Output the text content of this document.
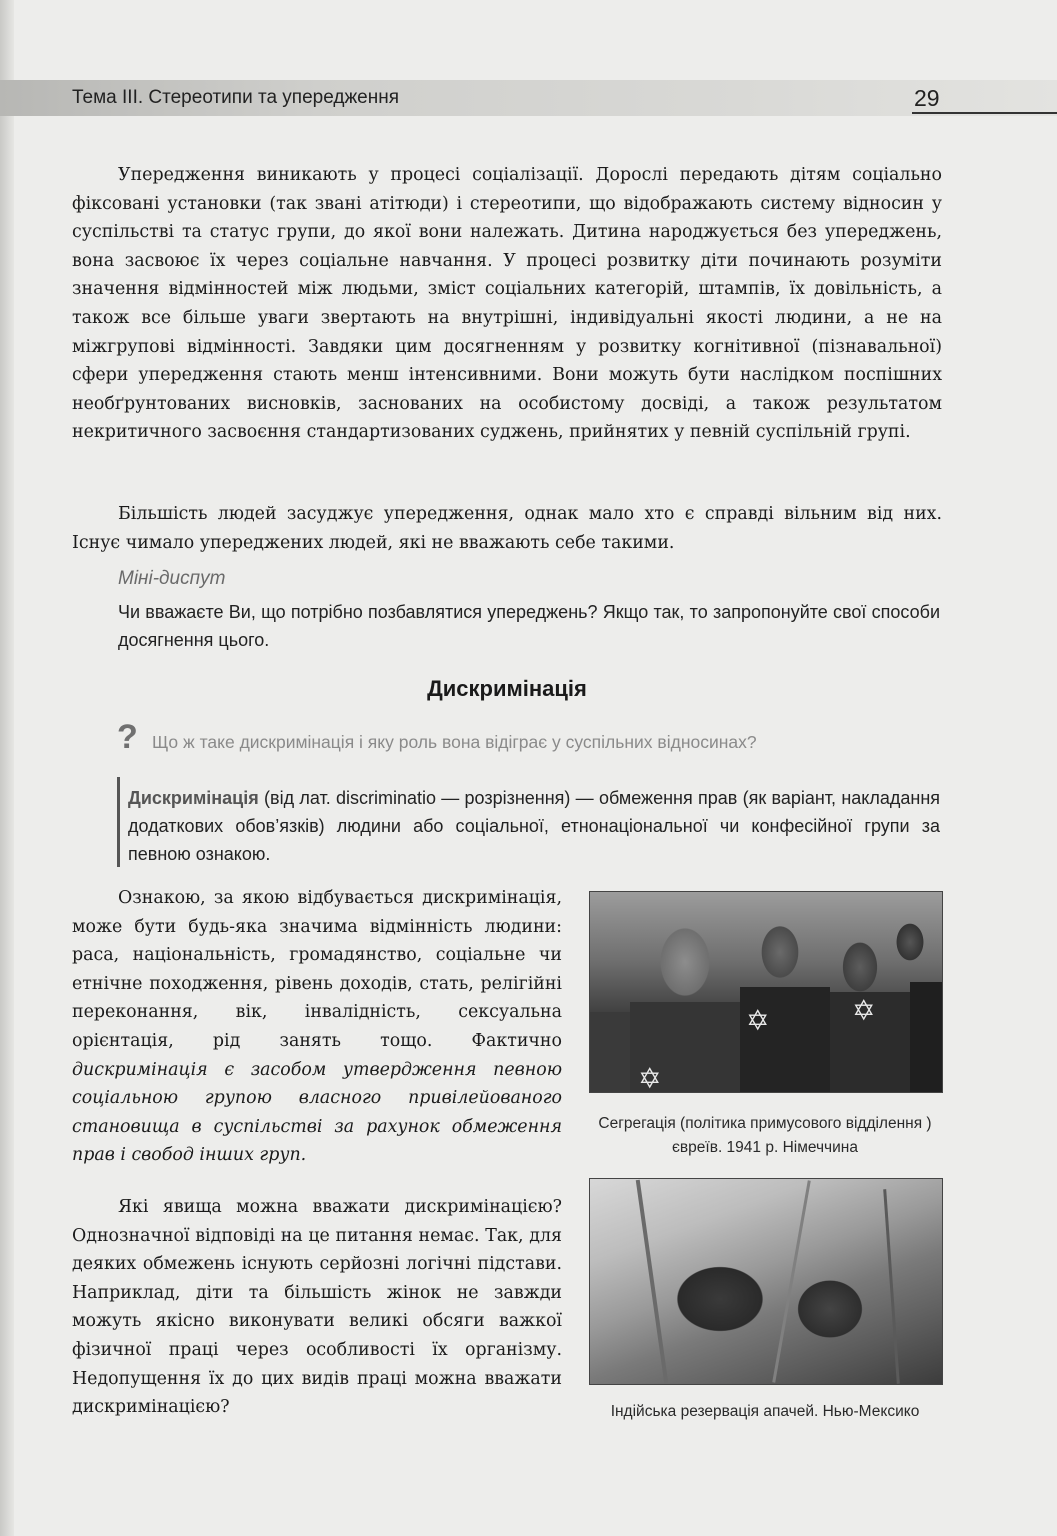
Тема III. Стереотипи та упередження	29

Упередження виникають у процесі соціалізації. Дорослі передають дітям соціально фіксовані установки (так звані атітюди) і стереотипи, що відображають систему відносин у суспільстві та статус групи, до якої вони належать. Дитина народжується без упереджень, вона засвоює їх через соціальне навчання. У процесі розвитку діти починають розуміти значення відмінностей між людьми, зміст соціальних категорій, штампів, їх довільність, а також все більше уваги звертають на внутрішні, індивідуальні якості людини, а не на міжгрупові відмінності. Завдяки цим досягненням у розвитку когнітивної (пізнавальної) сфери упередження стають менш інтенсивними. Вони можуть бути наслідком поспішних необґрунтованих висновків, заснованих на особистому досвіді, а також результатом некритичного засвоєння стандартизованих суджень, прийнятих у певній суспільній групі.

Більшість людей засуджує упередження, однак мало хто є справді вільним від них. Існує чимало упереджених людей, які не вважають себе такими.

Міні-диспут

Чи вважаєте Ви, що потрібно позбавлятися упереджень? Якщо так, то запропонуйте свої способи досягнення цього.

Дискримінація
? Що ж таке дискримінація і яку роль вона відіграє у суспільних відносинах?

Дискримінація (від лат. discriminatio — розрізнення) — обмеження прав (як варіант, накладання додаткових обов’язків) людини або соціальної, етнонаціональної чи конфесійної групи за певною ознакою.

Ознакою, за якою відбувається дискримінація, може бути будь-яка значима відмінність людини: раса, національність, громадянство, соціальне чи етнічне походження, рівень доходів, стать, релігійні переконання, вік, інвалідність, сексуальна орієнтація, рід занять тощо. Фактично дискримінація є засобом утвердження певною соціальною групою власного привілейованого становища в суспільстві за рахунок обмеження прав і свобод інших груп.

Які явища можна вважати дискримінацією? Однозначної відповіді на це питання немає. Так, для деяких обмежень існують серйозні логічні підстави. Наприклад, діти та більшість жінок не завжди можуть якісно виконувати великі обсяги важкої фізичної праці через особливості їх організму. Недопущення їх до цих видів праці можна вважати дискримінацією?

✡	✡
✡

Сегрегація (політика примусового відділення ) євреїв. 1941 р. Німеччина

Індійська резервація апачей. Нью-Мексико
